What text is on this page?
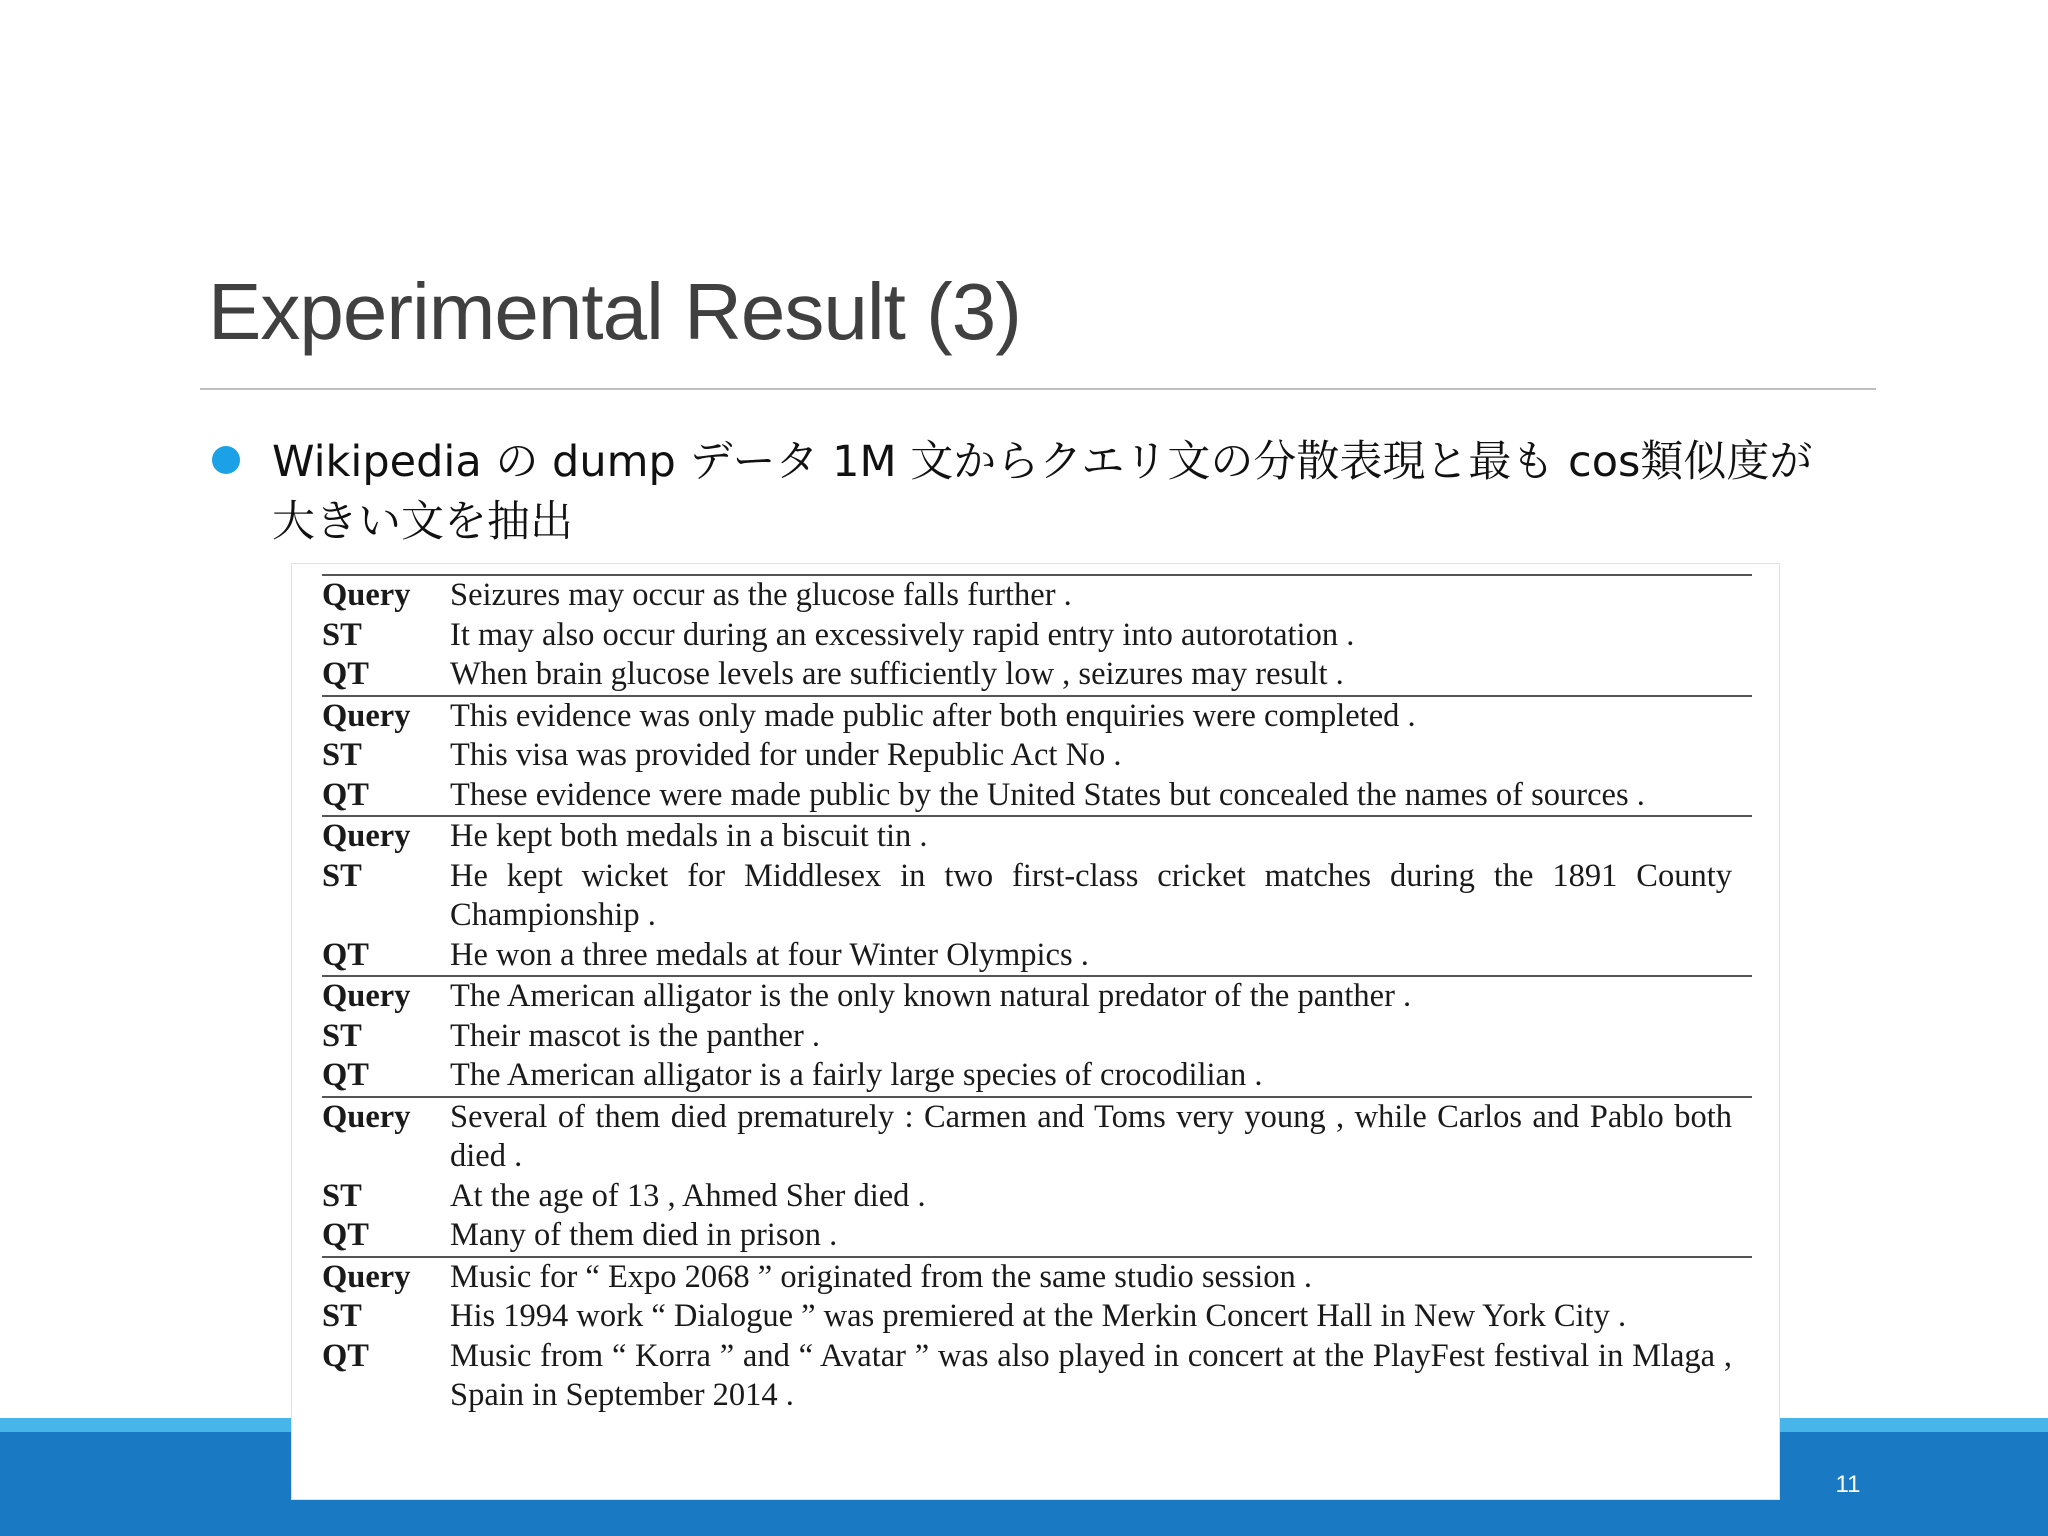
Experimental Result (3)
Wikipedia の dump データ 1M 文からクエリ文の分散表現と最も cos類似度が大きい文を抽出
11
Query	Seizures may occur as the glucose falls further .
ST	It may also occur during an excessively rapid entry into autorotation .
QT	When brain glucose levels are sufficiently low , seizures may result .
Query	This evidence was only made public after both enquiries were completed .
ST	This visa was provided for under Republic Act No .
QT	These evidence were made public by the United States but concealed the names of sources .
Query	He kept both medals in a biscuit tin .
ST	He kept wicket for Middlesex in two first-class cricket matches during the 1891 County Championship .
QT	He won a three medals at four Winter Olympics .
Query	The American alligator is the only known natural predator of the panther .
ST	Their mascot is the panther .
QT	The American alligator is a fairly large species of crocodilian .
Query	Several of them died prematurely : Carmen and Toms very young , while Carlos and Pablo both died .
ST	At the age of 13 , Ahmed Sher died .
QT	Many of them died in prison .
Query	Music for “ Expo 2068 ” originated from the same studio session .
ST	His 1994 work “ Dialogue ” was premiered at the Merkin Concert Hall in New York City .
QT	Music from “ Korra ” and “ Avatar ” was also played in concert at the PlayFest festival in Mlaga , Spain in September 2014 .
